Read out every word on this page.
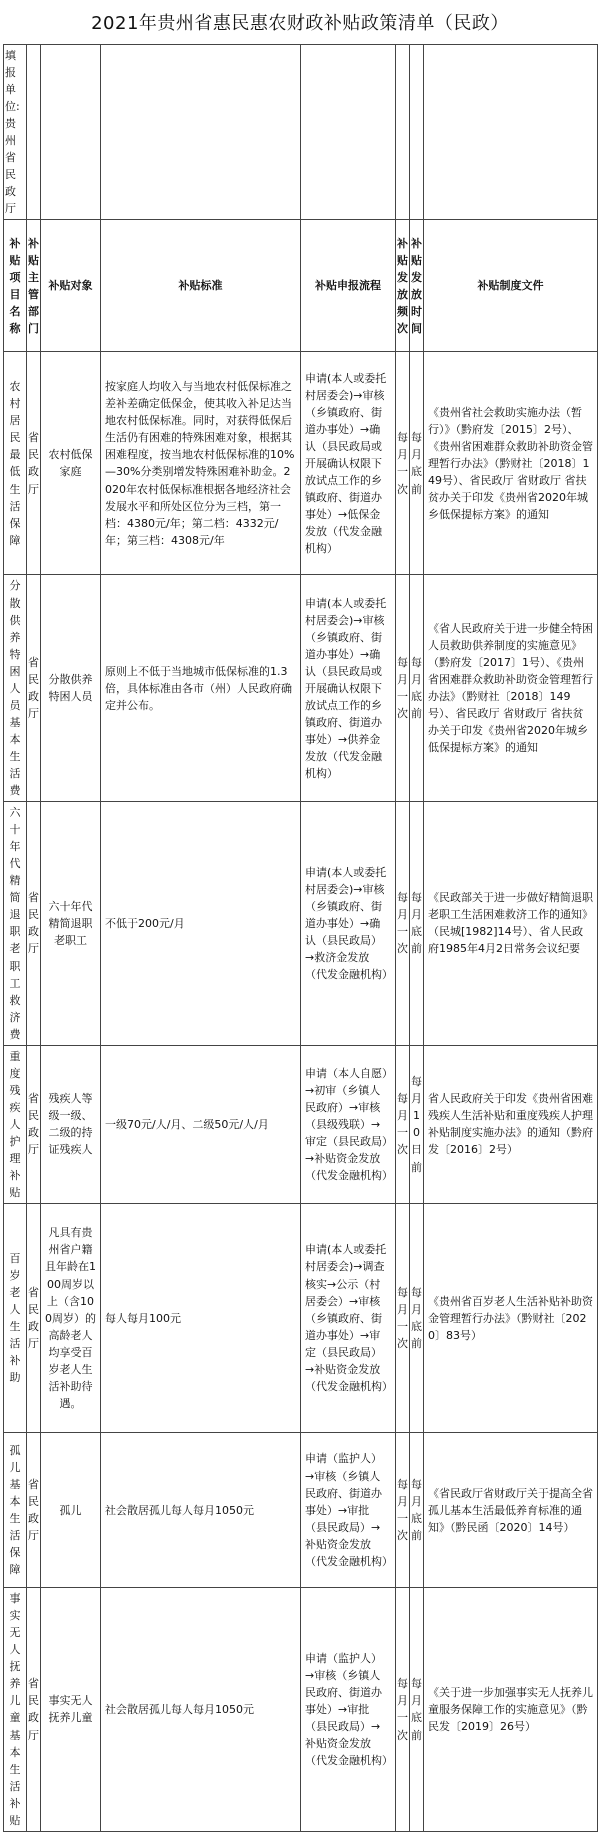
2021年贵州省惠民惠农财政补贴政策清单（民政）
填报单位:贵州省民政厅							
补贴项目名称	补贴主管部门	补贴对象	补贴标准	补贴申报流程	补贴发放频次	补贴发放时间	补贴制度文件
农村居民最低生活保障	省民政厅	农村低保家庭	按家庭人均收入与当地农村低保标准之差补差确定低保金，使其收入补足达当地农村低保标准。同时，对获得低保后生活仍有困难的特殊困难对象，根据其困难程度，按当地农村低保标准的10%—30%分类别增发特殊困难补助金。2020年农村低保标准根据各地经济社会发展水平和所处区位分为三档，第一档：4380元/年；第二档：4332元/年；第三档：4308元/年	申请(本人或委托村居委会)→审核（乡镇政府、街道办事处）→确认（县民政局或开展确认权限下放试点工作的乡镇政府、街道办事处）→低保金发放（代发金融机构）	每月一次	每月底前	《贵州省社会救助实施办法（暂行）》（黔府发〔2015〕2号）、《贵州省困难群众救助补助资金管理暂行办法》（黔财社〔2018〕149号）、省民政厅 省财政厅 省扶贫办关于印发《贵州省2020年城乡低保提标方案》的通知
分散供养特困人员基本生活费	省民政厅	分散供养特困人员	原则上不低于当地城市低保标准的1.3倍，具体标准由各市（州）人民政府确定并公布。	申请(本人或委托村居委会)→审核（乡镇政府、街道办事处）→确认（县民政局或开展确认权限下放试点工作的乡镇政府、街道办事处）→供养金发放（代发金融机构）	每月一次	每月底前	《省人民政府关于进一步健全特困人员救助供养制度的实施意见》（黔府发〔2017〕1号）、《贵州省困难群众救助补助资金管理暂行办法》（黔财社〔2018〕149号）、省民政厅 省财政厅 省扶贫办关于印发《贵州省2020年城乡低保提标方案》的通知
六十年代精简退职老职工救济费	省民政厅	六十年代精简退职老职工	不低于200元/月	申请(本人或委托村居委会)→审核（乡镇政府、街道办事处）→确认（县民政局）→救济金发放（代发金融机构）	每月一次	每月底前	《民政部关于进一步做好精简退职老职工生活困难救济工作的通知》（民城[1982]14号）、省人民政府1985年4月2日常务会议纪要
重度残疾人护理补贴	省民政厅	残疾人等级一级、二级的持证残疾人	一级70元/人/月、二级50元/人/月	申请（本人自愿）→初审（乡镇人民政府）→审核（县级残联）→审定（县民政局）→补贴资金发放（代发金融机构）	每月一次	每月10日前	省人民政府关于印发《贵州省困难残疾人生活补贴和重度残疾人护理补贴制度实施办法》的通知（黔府发〔2016〕2号）
百岁老人生活补助	省民政厅	凡具有贵州省户籍且年龄在100周岁以上（含100周岁）的高龄老人均享受百岁老人生活补助待遇。	每人每月100元	申请(本人或委托村居委会)→调查核实→公示（村居委会）→审核（乡镇政府、街道办事处）→审定（县民政局）→补贴资金发放（代发金融机构）	每月一次	每月底前	《贵州省百岁老人生活补贴补助资金管理暂行办法》（黔财社〔2020〕83号）
孤儿基本生活保障	省民政厅	孤儿	社会散居孤儿每人每月1050元	申请（监护人）→审核（乡镇人民政府、街道办事处）→审批（县民政局）→补贴资金发放（代发金融机构）	每月一次	每月底前	《省民政厅省财政厅关于提高全省孤儿基本生活最低养育标准的通知》（黔民函〔2020〕14号）
事实无人抚养儿童基本生活补贴	省民政厅	事实无人抚养儿童	社会散居孤儿每人每月1050元	申请（监护人）→审核（乡镇人民政府、街道办事处）→审批（县民政局）→补贴资金发放（代发金融机构）	每月一次	每月底前	《关于进一步加强事实无人抚养儿童服务保障工作的实施意见》（黔民发〔2019〕26号）
